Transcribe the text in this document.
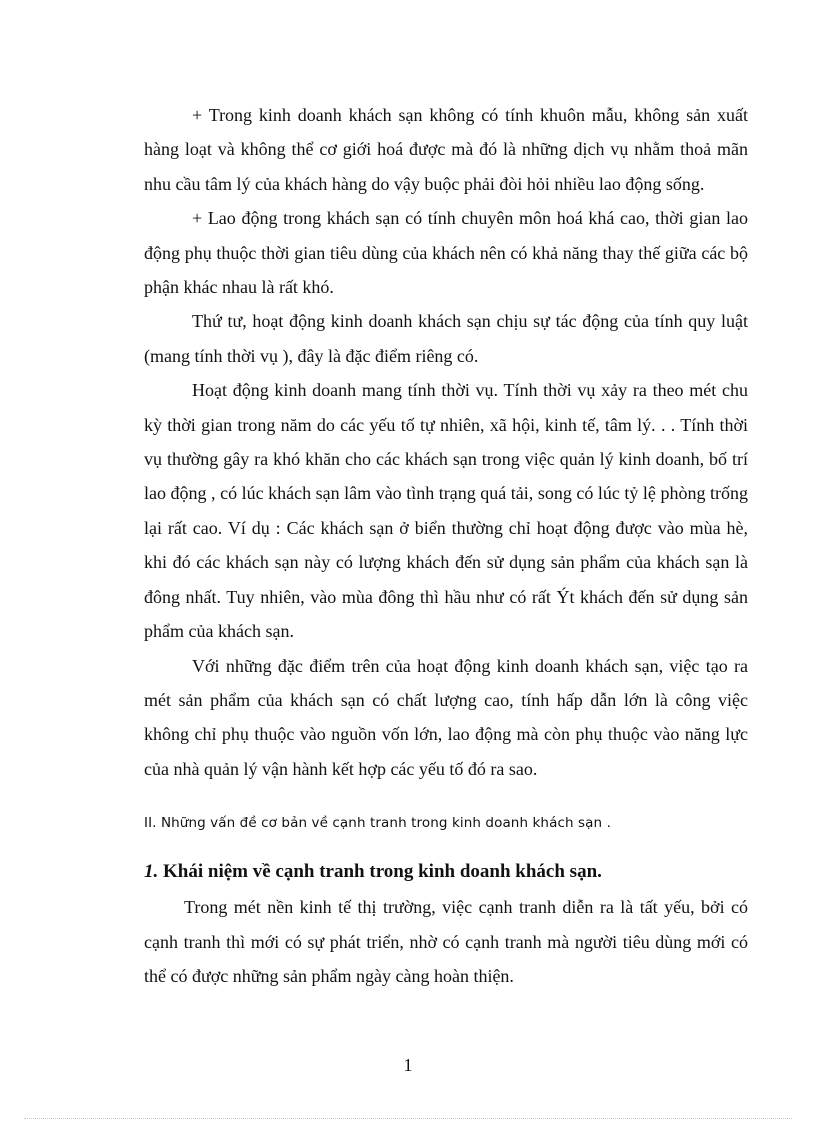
+ Trong kinh doanh khách sạn không có tính khuôn mẫu, không sản xuất hàng loạt và không thể cơ giới hoá được mà đó là những dịch vụ nhằm thoả mãn nhu cầu tâm lý của khách hàng do vậy buộc phải đòi hỏi nhiều lao động sống.

+ Lao động trong khách sạn có tính chuyên môn hoá khá cao, thời gian lao động phụ thuộc thời gian tiêu dùng của khách nên có khả năng thay thế giữa các bộ phận khác nhau là rất khó.

Thứ tư, hoạt động kinh doanh khách sạn chịu sự tác động của tính quy luật (mang tính thời vụ ), đây là đặc điểm riêng có.

Hoạt động kinh doanh mang tính thời vụ. Tính thời vụ xảy ra theo mét chu kỳ thời gian trong năm do các yếu tố tự nhiên, xã hội, kinh tế, tâm lý. . . Tính thời vụ thường gây ra khó khăn cho các khách sạn trong việc quản lý kinh doanh, bố trí lao động , có lúc khách sạn lâm vào tình trạng quá tải, song có lúc tỷ lệ phòng trống lại rất cao. Ví dụ : Các khách sạn ở biển thường chỉ hoạt động được vào mùa hè, khi đó các khách sạn này có lượng khách đến sử dụng sản phẩm của khách sạn là đông nhất. Tuy nhiên, vào mùa đông thì hầu như có rất Ýt khách đến sử dụng sản phẩm của khách sạn.

Với những đặc điểm trên của hoạt động kinh doanh khách sạn, việc tạo ra mét sản phẩm của khách sạn có chất lượng cao, tính hấp dẫn lớn là công việc không chỉ phụ thuộc vào nguồn vốn lớn, lao động mà còn phụ thuộc vào năng lực của nhà quản lý vận hành kết hợp các yếu tố đó ra sao.

II. Những vấn đề cơ bản về cạnh tranh trong kinh doanh khách sạn .
1. Khái niệm về cạnh tranh trong kinh doanh khách sạn.

Trong mét nền kinh tế thị trường, việc cạnh tranh diễn ra là tất yếu, bởi có cạnh tranh thì mới có sự phát triển, nhờ có cạnh tranh mà người tiêu dùng mới có thể có được những sản phẩm ngày càng hoàn thiện.

1
